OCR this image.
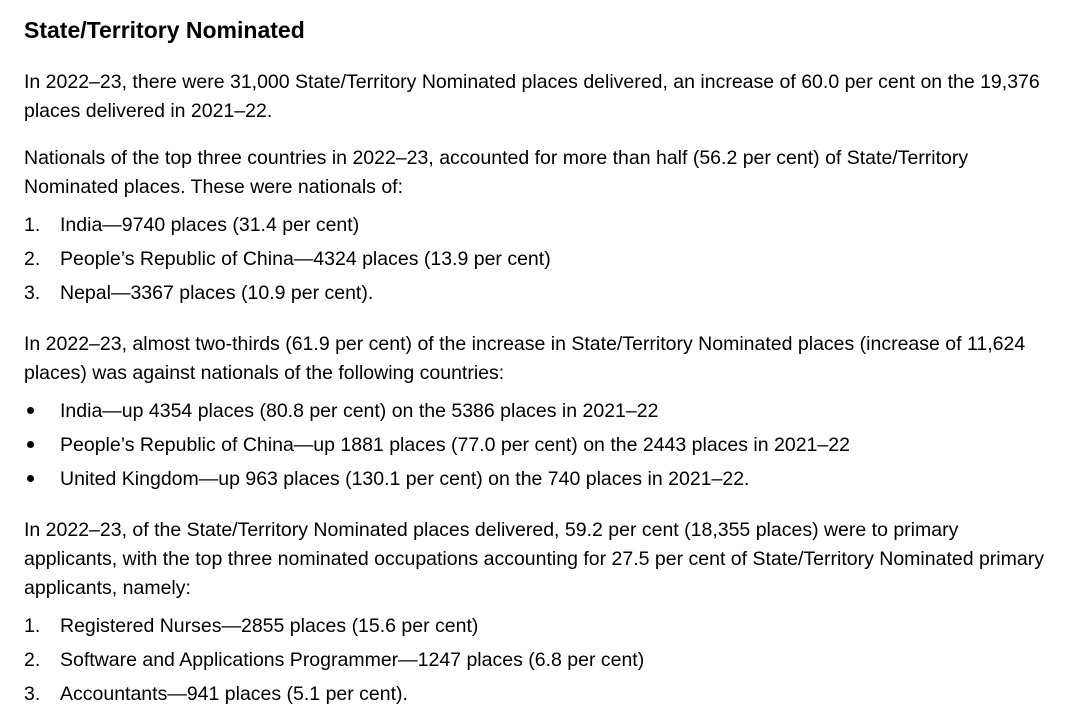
State/Territory Nominated

In 2022–23, there were 31,000 State/Territory Nominated places delivered, an increase of 60.0 per cent on the 19,376 places delivered in 2021–22.

Nationals of the top three countries in 2022–23, accounted for more than half (56.2 per cent) of State/Territory Nominated places. These were nationals of:

1.	India—9740 places (31.4 per cent)
2.	People’s Republic of China—4324 places (13.9 per cent)
3.	Nepal—3367 places (10.9 per cent).

In 2022–23, almost two-thirds (61.9 per cent) of the increase in State/Territory Nominated places (increase of 11,624 places) was against nationals of the following countries:

India—up 4354 places (80.8 per cent) on the 5386 places in 2021–22
People’s Republic of China—up 1881 places (77.0 per cent) on the 2443 places in 2021–22
United Kingdom—up 963 places (130.1 per cent) on the 740 places in 2021–22.

In 2022–23, of the State/Territory Nominated places delivered, 59.2 per cent (18,355 places) were to primary applicants, with the top three nominated occupations accounting for 27.5 per cent of State/Territory Nominated primary applicants, namely:

1.	Registered Nurses—2855 places (15.6 per cent)
2.	Software and Applications Programmer—1247 places (6.8 per cent)
3.	Accountants—941 places (5.1 per cent).
